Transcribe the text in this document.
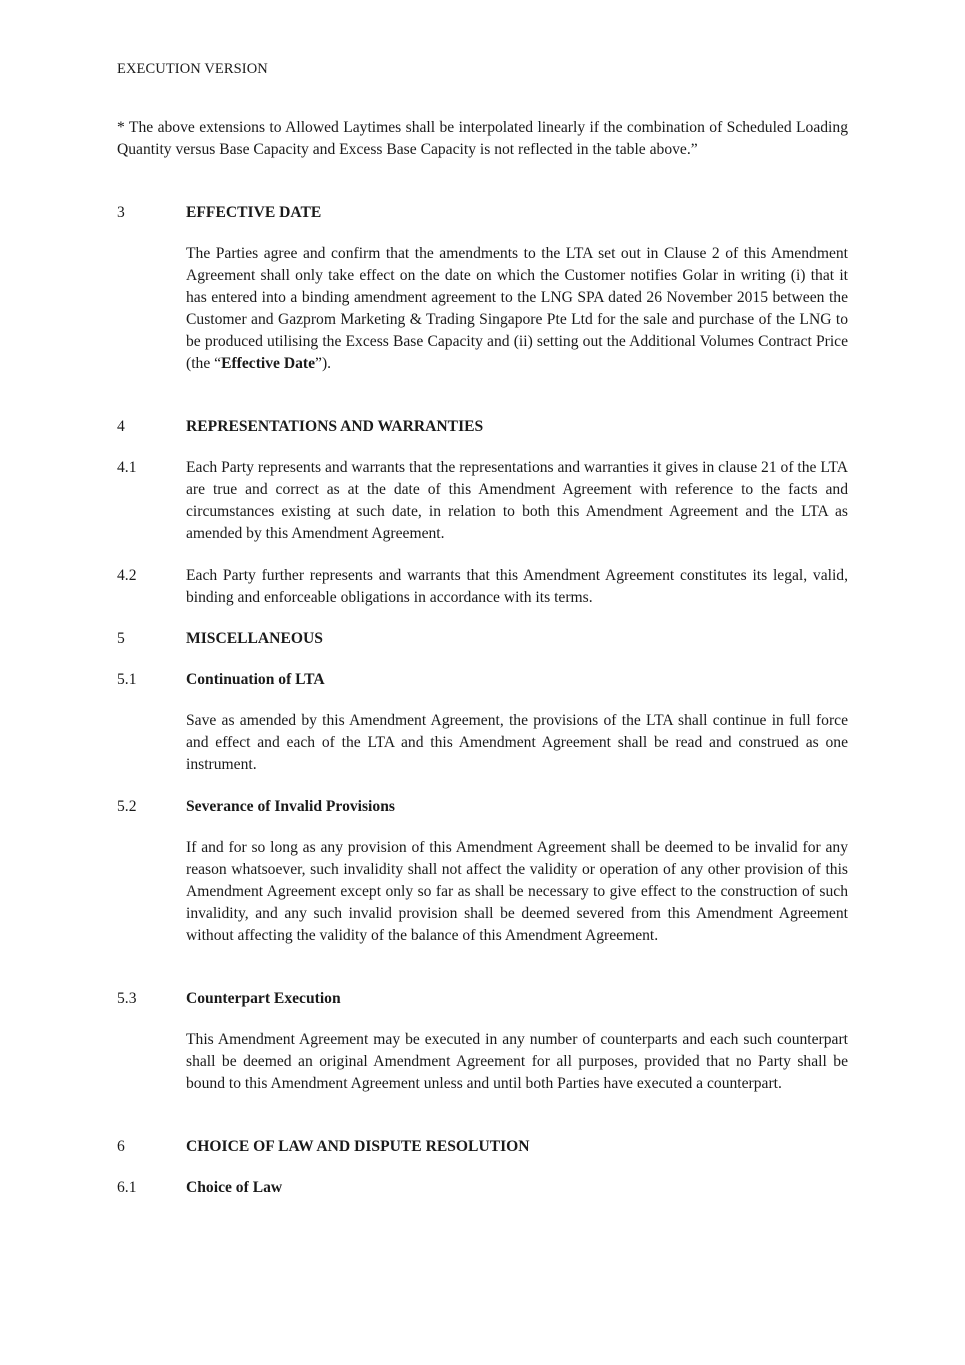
EXECUTION VERSION
* The above extensions to Allowed Laytimes shall be interpolated linearly if the combination of Scheduled Loading Quantity versus Base Capacity and Excess Base Capacity is not reflected in the table above.”
3	EFFECTIVE DATE
The Parties agree and confirm that the amendments to the LTA set out in Clause 2 of this Amendment Agreement shall only take effect on the date on which the Customer notifies Golar in writing (i) that it has entered into a binding amendment agreement to the LNG SPA dated 26 November 2015 between the Customer and Gazprom Marketing & Trading Singapore Pte Ltd for the sale and purchase of the LNG to be produced utilising the Excess Base Capacity and (ii) setting out the Additional Volumes Contract Price (the “Effective Date”).
4	REPRESENTATIONS AND WARRANTIES
4.1	Each Party represents and warrants that the representations and warranties it gives in clause 21 of the LTA are true and correct as at the date of this Amendment Agreement with reference to the facts and circumstances existing at such date, in relation to both this Amendment Agreement and the LTA as amended by this Amendment Agreement.
4.2	Each Party further represents and warrants that this Amendment Agreement constitutes its legal, valid, binding and enforceable obligations in accordance with its terms.
5	MISCELLANEOUS
5.1	Continuation of LTA
Save as amended by this Amendment Agreement, the provisions of the LTA shall continue in full force and effect and each of the LTA and this Amendment Agreement shall be read and construed as one instrument.
5.2	Severance of Invalid Provisions
If and for so long as any provision of this Amendment Agreement shall be deemed to be invalid for any reason whatsoever, such invalidity shall not affect the validity or operation of any other provision of this Amendment Agreement except only so far as shall be necessary to give effect to the construction of such invalidity, and any such invalid provision shall be deemed severed from this Amendment Agreement without affecting the validity of the balance of this Amendment Agreement.
5.3	Counterpart Execution
This Amendment Agreement may be executed in any number of counterparts and each such counterpart shall be deemed an original Amendment Agreement for all purposes, provided that no Party shall be bound to this Amendment Agreement unless and until both Parties have executed a counterpart.
6	CHOICE OF LAW AND DISPUTE RESOLUTION
6.1	Choice of Law
